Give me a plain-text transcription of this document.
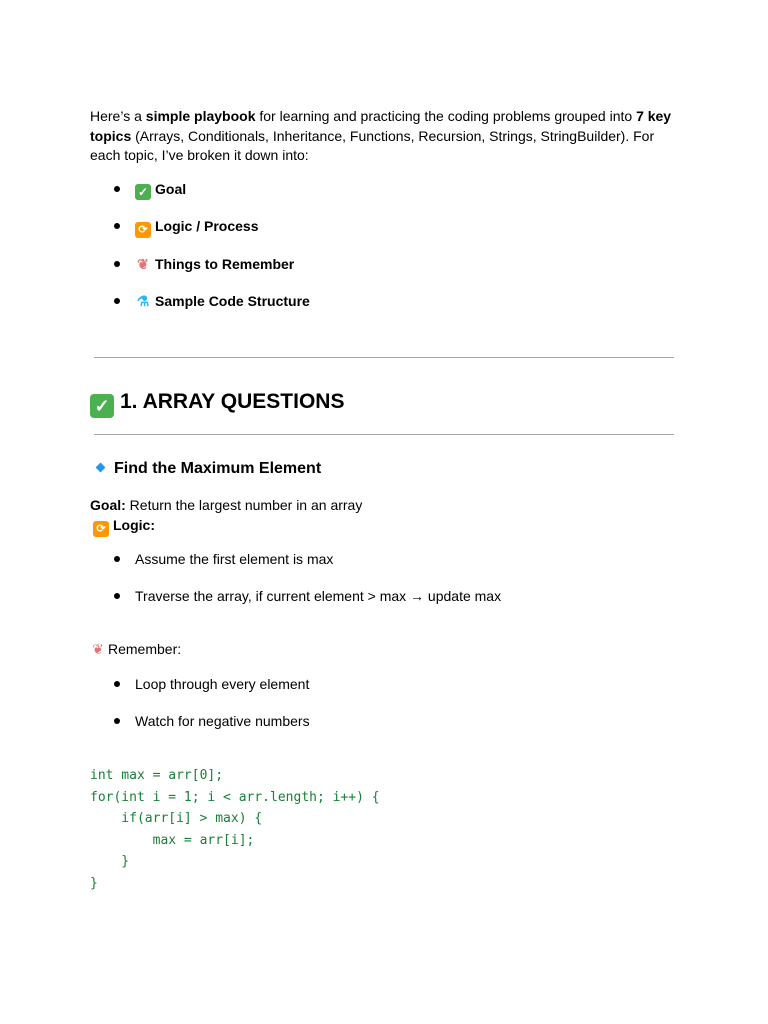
Here’s a simple playbook for learning and practicing the coding problems grouped into 7 key topics (Arrays, Conditionals, Inheritance, Functions, Recursion, Strings, StringBuilder). For each topic, I’ve broken it down into:

✓ Goal
⟳ Logic / Process
❦ Things to Remember
⚗ Sample Code Structure
✓ 1. ARRAY QUESTIONS
Find the Maximum Element
Goal: Return the largest number in an array
⟳ Logic:
Assume the first element is max
Traverse the array, if current element > max → update max
❦ Remember:
Loop through every element
Watch for negative numbers
int max = arr[0];
for(int i = 1; i < arr.length; i++) {
if(arr[i] > max) {
max = arr[i];
}
}
